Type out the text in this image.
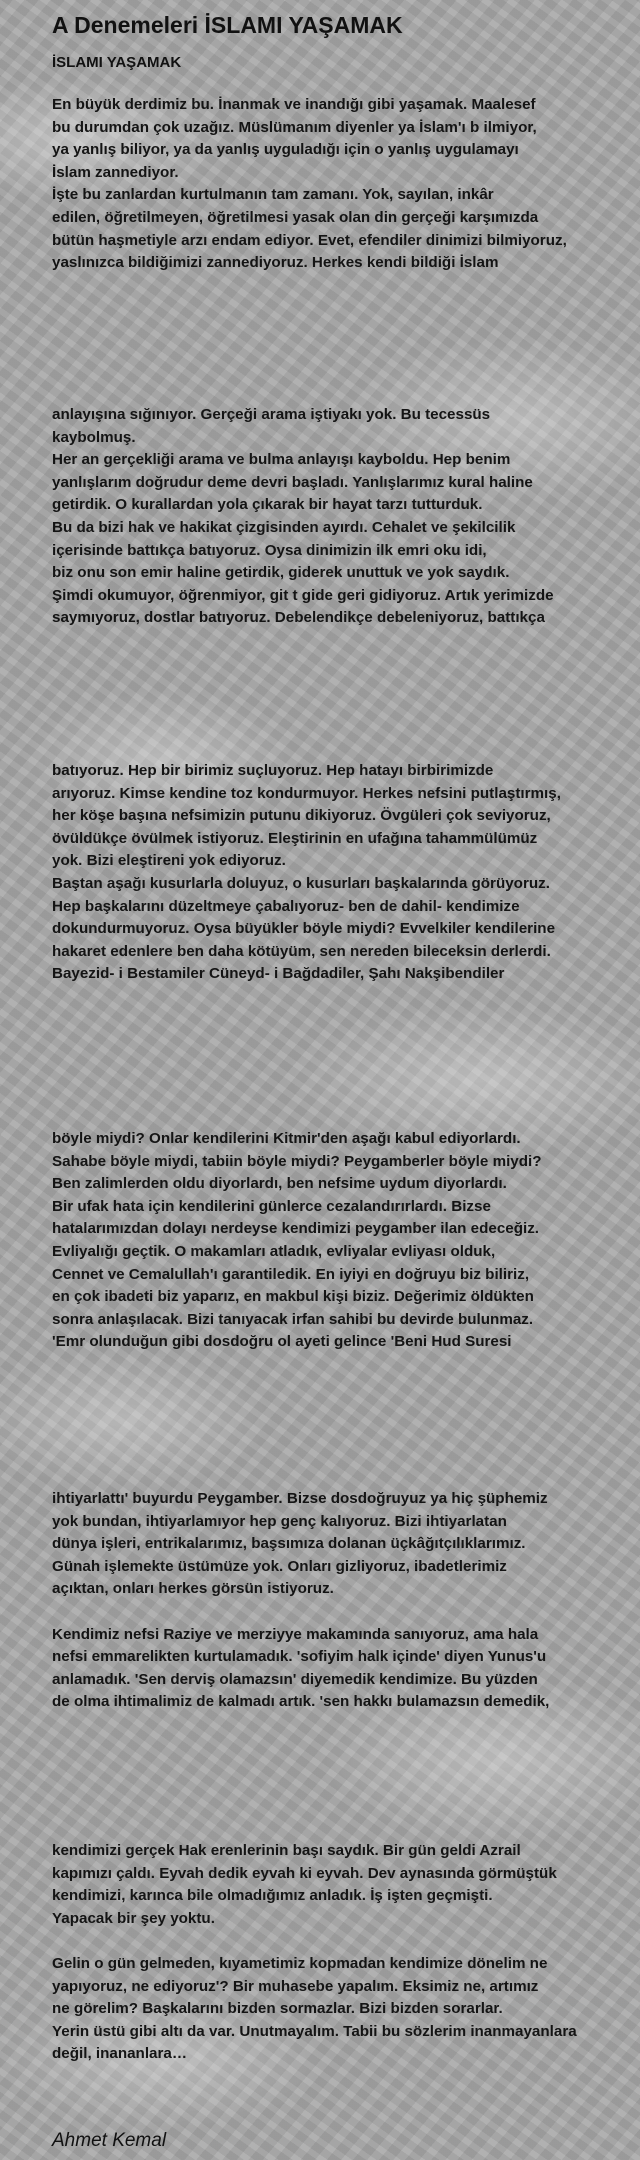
A Denemeleri İSLAMI YAŞAMAK
İSLAMI YAŞAMAK
En büyük derdimiz bu. İnanmak ve inandığı gibi yaşamak. Maalesef
bu durumdan çok uzağız. Müslümanım diyenler ya İslam'ı b ilmiyor,
ya yanlış biliyor, ya da yanlış uyguladığı için o yanlış uygulamayı
İslam zannediyor.
İşte bu zanlardan kurtulmanın tam zamanı. Yok, sayılan, inkâr
edilen, öğretilmeyen, öğretilmesi yasak olan din gerçeği karşımızda
bütün haşmetiyle arzı endam ediyor. Evet, efendiler dinimizi bilmiyoruz,
yaslınızca bildiğimizi zannediyoruz. Herkes kendi bildiği İslam
anlayışına sığınıyor. Gerçeği arama iştiyakı yok. Bu tecessüs
kaybolmuş.
Her an gerçekliği arama ve bulma anlayışı kayboldu. Hep benim
yanlışlarım doğrudur deme devri başladı. Yanlışlarımız kural haline
getirdik. O kurallardan yola çıkarak bir hayat tarzı tutturduk.
Bu da bizi hak ve hakikat çizgisinden ayırdı. Cehalet ve şekilcilik
içerisinde battıkça batıyoruz. Oysa dinimizin ilk emri oku idi,
biz onu son emir haline getirdik, giderek unuttuk ve yok saydık.
Şimdi okumuyor, öğrenmiyor, git t gide geri gidiyoruz. Artık yerimizde
saymıyoruz, dostlar batıyoruz. Debelendikçe debeleniyoruz, battıkça
batıyoruz. Hep bir birimiz suçluyoruz. Hep hatayı birbirimizde
arıyoruz. Kimse kendine toz kondurmuyor. Herkes nefsini putlaştırmış,
her köşe başına nefsimizin putunu dikiyoruz. Övgüleri çok seviyoruz,
övüldükçe övülmek istiyoruz. Eleştirinin en ufağına tahammülümüz
yok. Bizi eleştireni yok ediyoruz.
Baştan aşağı kusurlarla doluyuz, o kusurları başkalarında görüyoruz.
Hep başkalarını düzeltmeye çabalıyoruz- ben de dahil- kendimize
dokundurmuyoruz. Oysa büyükler böyle miydi? Evvelkiler kendilerine
hakaret edenlere ben daha kötüyüm, sen nereden bileceksin derlerdi.
Bayezid- i Bestamiler Cüneyd- i Bağdadiler, Şahı Nakşibendiler
böyle miydi? Onlar kendilerini Kitmir'den aşağı kabul ediyorlardı.
Sahabe böyle miydi, tabiin böyle miydi? Peygamberler böyle miydi?
Ben zalimlerden oldu diyorlardı, ben nefsime uydum diyorlardı.
Bir ufak hata için kendilerini günlerce cezalandırırlardı. Bizse
hatalarımızdan dolayı nerdeyse kendimizi peygamber ilan edeceğiz.
Evliyalığı geçtik. O makamları atladık, evliyalar evliyası olduk,
Cennet ve Cemalullah'ı garantiledik. En iyiyi en doğruyu biz biliriz,
en çok ibadeti biz yaparız, en makbul kişi biziz. Değerimiz öldükten
sonra anlaşılacak. Bizi tanıyacak irfan sahibi bu devirde bulunmaz.
'Emr olunduğun gibi dosdoğru ol ayeti gelince 'Beni Hud Suresi
ihtiyarlattı' buyurdu Peygamber. Bizse dosdoğruyuz ya hiç şüphemiz
yok bundan, ihtiyarlamıyor hep genç kalıyoruz. Bizi ihtiyarlatan
dünya işleri, entrikalarımız, başsımıza dolanan üçkâğıtçılıklarımız.
Günah işlemekte üstümüze yok. Onları gizliyoruz, ibadetlerimiz
açıktan, onları herkes görsün istiyoruz.
Kendimiz nefsi Raziye ve merziyye makamında sanıyoruz, ama hala
nefsi emmarelikten kurtulamadık. 'sofiyim halk içinde' diyen Yunus'u
anlamadık. 'Sen derviş olamazsın' diyemedik kendimize. Bu yüzden
de olma ihtimalimiz de kalmadı artık. 'sen hakkı bulamazsın demedik,
kendimizi gerçek Hak erenlerinin başı saydık. Bir gün geldi Azrail
kapımızı çaldı. Eyvah dedik eyvah ki eyvah. Dev aynasında görmüştük
kendimizi, karınca bile olmadığımız anladık. İş işten geçmişti.
Yapacak bir şey yoktu.
Gelin o gün gelmeden, kıyametimiz kopmadan kendimize dönelim ne
yapıyoruz, ne ediyoruz'? Bir muhasebe yapalım. Eksimiz ne, artımız
ne görelim? Başkalarını bizden sormazlar. Bizi bizden sorarlar.
Yerin üstü gibi altı da var. Unutmayalım. Tabii bu sözlerim inanmayanlara
değil, inananlara…
Ahmet Kemal
